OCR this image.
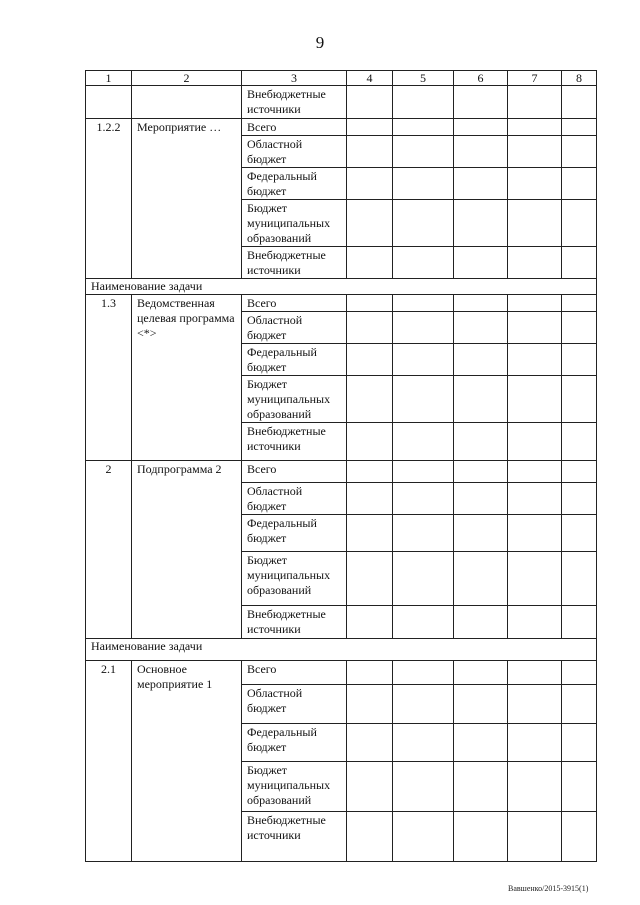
9
1	2	3	4	5	6	7	8
		Внебюджетные источники					
1.2.2	Мероприятие …	Всего					
		Областной бюджет					
		Федеральный бюджет					
		Бюджет муниципальных образований					
		Внебюджетные источники					
Наименование задачи							
1.3	Ведомственная целевая программа <*>	Всего					
		Областной бюджет					
		Федеральный бюджет					
		Бюджет муниципальных образований					
		Внебюджетные источники					
2	Подпрограмма 2	Всего					
		Областной бюджет					
		Федеральный бюджет					
		Бюджет муниципальных образований					
		Внебюджетные источники					
Наименование задачи							
2.1	Основное мероприятие 1	Всего					
		Областной бюджет					
		Федеральный бюджет					
		Бюджет муниципальных образований					
		Внебюджетные источники					
Вавшенко/2015-3915(1)
